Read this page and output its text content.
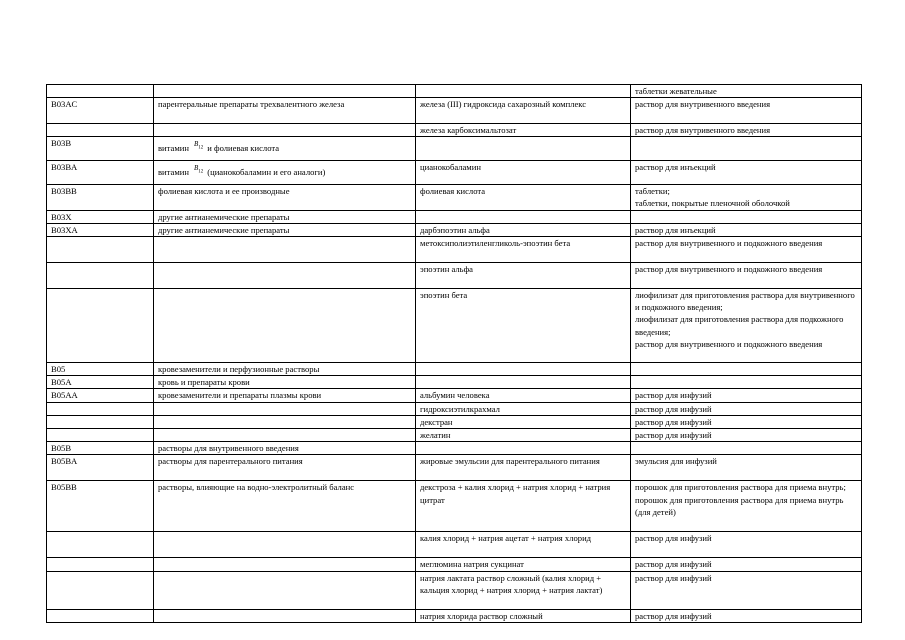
			таблетки жевательные
B03AC	парентеральные препараты трехвалентного железа	железа (III) гидроксида сахарозный комплекс	раствор для внутривенного введения
		железа карбоксимальтозат	раствор для внутривенного введения
B03B	витамин $^{B_{12}}$ и фолиевая кислота		
B03BA	витамин $^{B_{12}}$ (цианокобаламин и его аналоги)	цианокобаламин	раствор для инъекций
B03BB	фолиевая кислота и ее производные	фолиевая кислота	таблетки;
таблетки, покрытые пленочной оболочкой
B03X	другие антианемические препараты		
B03XA	другие антианемические препараты	дарбэпоэтин альфа	раствор для инъекций
		метоксиполиэтиленгликоль-эпоэтин бета	раствор для внутривенного и подкожного введения
		эпоэтин альфа	раствор для внутривенного и подкожного введения
		эпоэтин бета	лиофилизат для приготовления раствора для внутривенного и подкожного введения;
лиофилизат для приготовления раствора для подкожного введения;
раствор для внутривенного и подкожного введения
B05	кровезаменители и перфузионные растворы		
B05A	кровь и препараты крови		
B05AA	кровезаменители и препараты плазмы крови	альбумин человека	раствор для инфузий
		гидроксиэтилкрахмал	раствор для инфузий
		декстран	раствор для инфузий
		желатин	раствор для инфузий
B05B	растворы для внутривенного введения		
B05BA	растворы для парентерального питания	жировые эмульсии для парентерального питания	эмульсия для инфузий
B05BB	растворы, влияющие на водно-электролитный баланс	декстроза + калия хлорид + натрия хлорид + натрия цитрат	порошок для приготовления раствора для приема внутрь;
порошок для приготовления раствора для приема внутрь (для детей)
		калия хлорид + натрия ацетат + натрия хлорид	раствор для инфузий
		меглюмина натрия сукцинат	раствор для инфузий
		натрия лактата раствор сложный (калия хлорид + кальция хлорид + натрия хлорид + натрия лактат)	раствор для инфузий
		натрия хлорида раствор сложный	раствор для инфузий
